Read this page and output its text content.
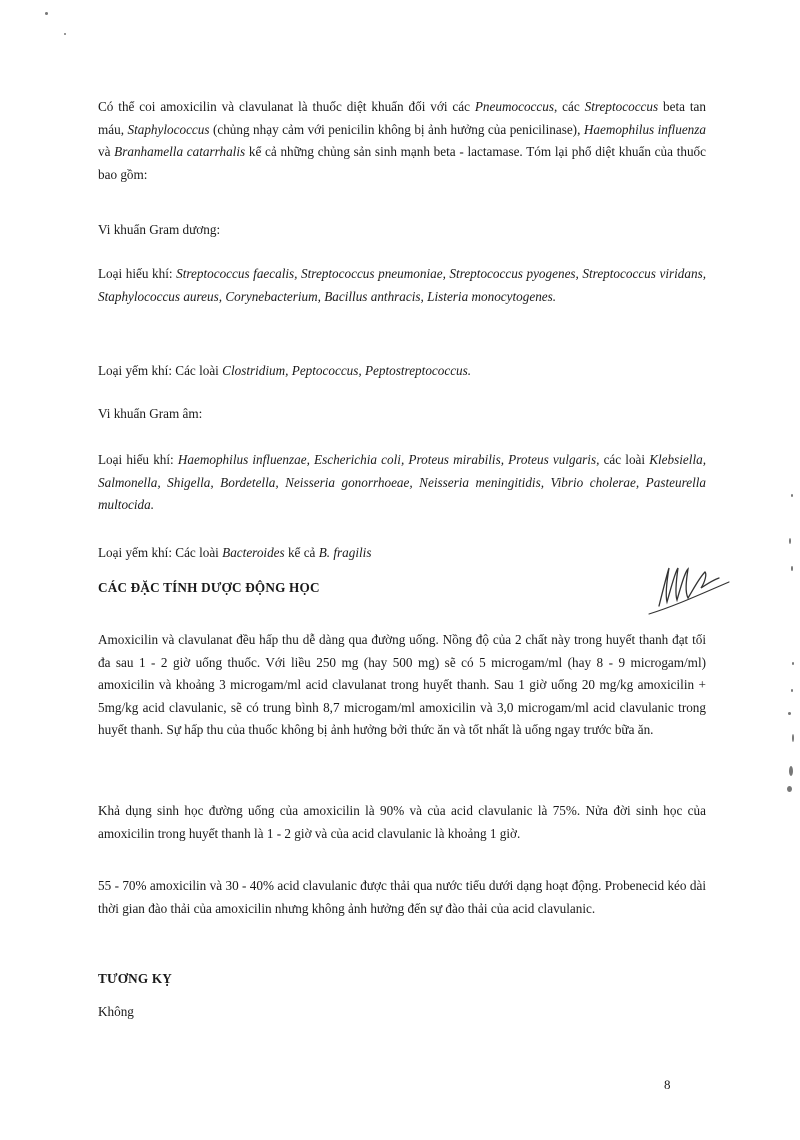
Có thể coi amoxicilin và clavulanat là thuốc diệt khuẩn đối với các Pneumococcus, các Streptococcus beta tan máu, Staphylococcus (chủng nhạy cảm với penicilin không bị ảnh hưởng của penicilinase), Haemophilus influenza và Branhamella catarrhalis kể cả những chủng sản sinh mạnh beta - lactamase. Tóm lại phổ diệt khuẩn của thuốc bao gồm:

Vi khuẩn Gram dương:

Loại hiếu khí: Streptococcus faecalis, Streptococcus pneumoniae, Streptococcus pyogenes, Streptococcus viridans, Staphylococcus aureus, Corynebacterium, Bacillus anthracis, Listeria monocytogenes.

Loại yếm khí: Các loài Clostridium, Peptococcus, Peptostreptococcus.

Vi khuẩn Gram âm:

Loại hiếu khí: Haemophilus influenzae, Escherichia coli, Proteus mirabilis, Proteus vulgaris, các loài Klebsiella, Salmonella, Shigella, Bordetella, Neisseria gonorrhoeae, Neisseria meningitidis, Vibrio cholerae, Pasteurella multocida.

Loại yếm khí: Các loài Bacteroides kể cả B. fragilis

CÁC ĐẶC TÍNH DƯỢC ĐỘNG HỌC

Amoxicilin và clavulanat đều hấp thu dễ dàng qua đường uống. Nồng độ của 2 chất này trong huyết thanh đạt tối đa sau 1 - 2 giờ uống thuốc. Với liều 250 mg (hay 500 mg) sẽ có 5 microgam/ml (hay 8 - 9 microgam/ml) amoxicilin và khoảng 3 microgam/ml acid clavulanat trong huyết thanh. Sau 1 giờ uống 20 mg/kg amoxicilin + 5mg/kg acid clavulanic, sẽ có trung bình 8,7 microgam/ml amoxicilin và 3,0 microgam/ml acid clavulanic trong huyết thanh. Sự hấp thu của thuốc không bị ảnh hưởng bởi thức ăn và tốt nhất là uống ngay trước bữa ăn.

Khả dụng sinh học đường uống của amoxicilin là 90% và của acid clavulanic là 75%. Nửa đời sinh học của amoxicilin trong huyết thanh là 1 - 2 giờ và của acid clavulanic là khoảng 1 giờ.

55 - 70% amoxicilin và 30 - 40% acid clavulanic được thải qua nước tiểu dưới dạng hoạt động. Probenecid kéo dài thời gian đào thải của amoxicilin nhưng không ảnh hưởng đến sự đào thải của acid clavulanic.

TƯƠNG KỴ

Không

8
